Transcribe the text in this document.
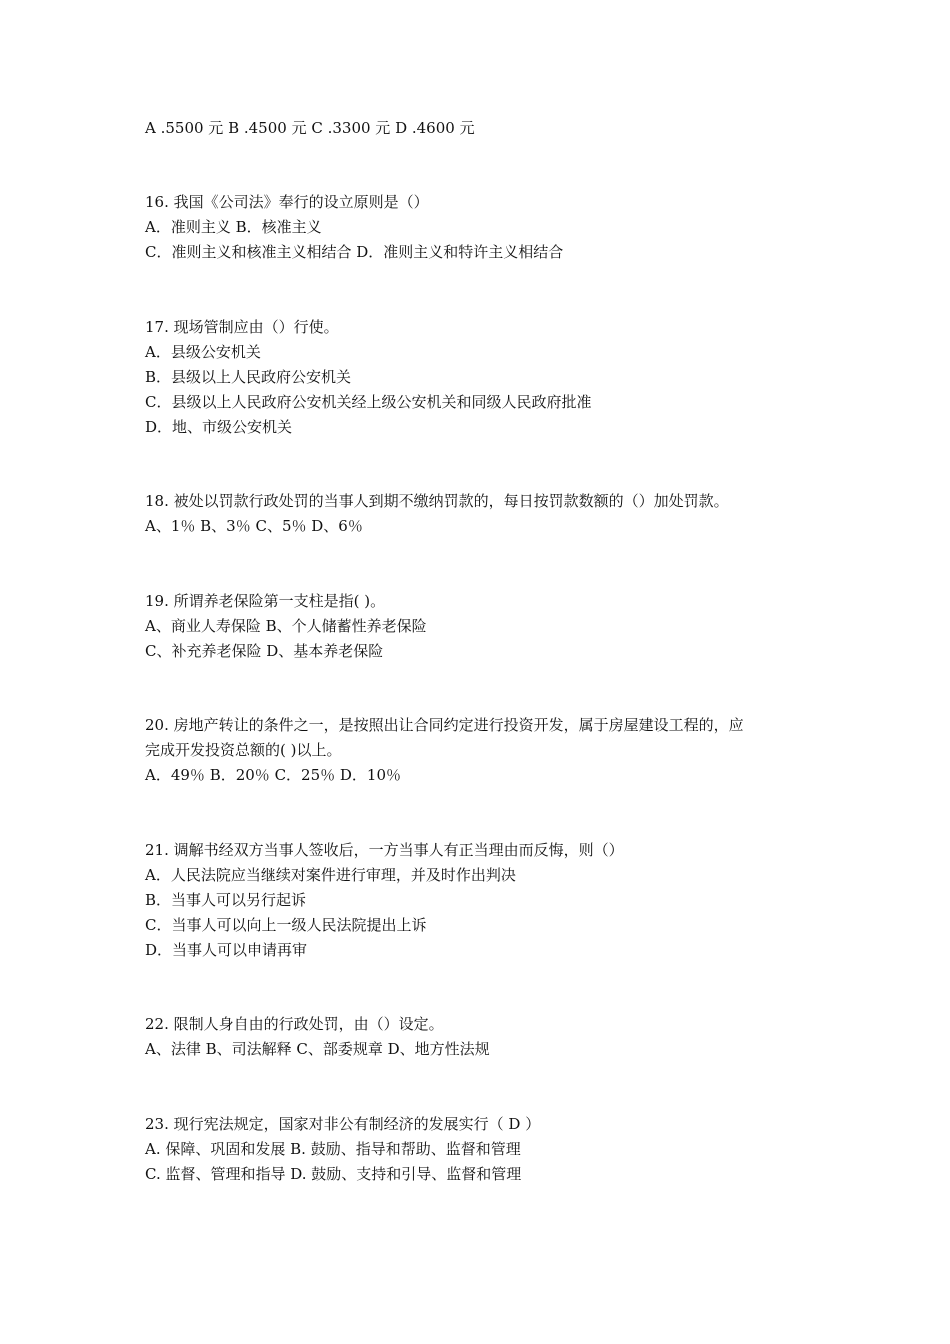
A .5500 元 B .4500 元 C .3300 元 D .4600 元
16. 我国《公司法》奉行的设立原则是（）
A．准则主义 B．核准主义
C．准则主义和核准主义相结合 D．准则主义和特许主义相结合
17. 现场管制应由（）行使。
A．县级公安机关
B．县级以上人民政府公安机关
C．县级以上人民政府公安机关经上级公安机关和同级人民政府批准
D．地、市级公安机关
18. 被处以罚款行政处罚的当事人到期不缴纳罚款的，每日按罚款数额的（）加处罚款。
A、1％ B、3％ C、5％ D、6％
19. 所谓养老保险第一支柱是指( )。
A、商业人寿保险 B、个人储蓄性养老保险
C、补充养老保险 D、基本养老保险
20. 房地产转让的条件之一，是按照出让合同约定进行投资开发，属于房屋建设工程的，应
完成开发投资总额的( )以上。
A．49％ B．20％ C．25％ D．10％
21. 调解书经双方当事人签收后，一方当事人有正当理由而反悔，则（）
A．人民法院应当继续对案件进行审理，并及时作出判决
B．当事人可以另行起诉
C．当事人可以向上一级人民法院提出上诉
D．当事人可以申请再审
22. 限制人身自由的行政处罚，由（）设定。
A、法律 B、司法解释 C、部委规章 D、地方性法规
23. 现行宪法规定，国家对非公有制经济的发展实行（ D ）
A. 保障、巩固和发展 B. 鼓励、指导和帮助、监督和管理
C. 监督、管理和指导 D. 鼓励、支持和引导、监督和管理
